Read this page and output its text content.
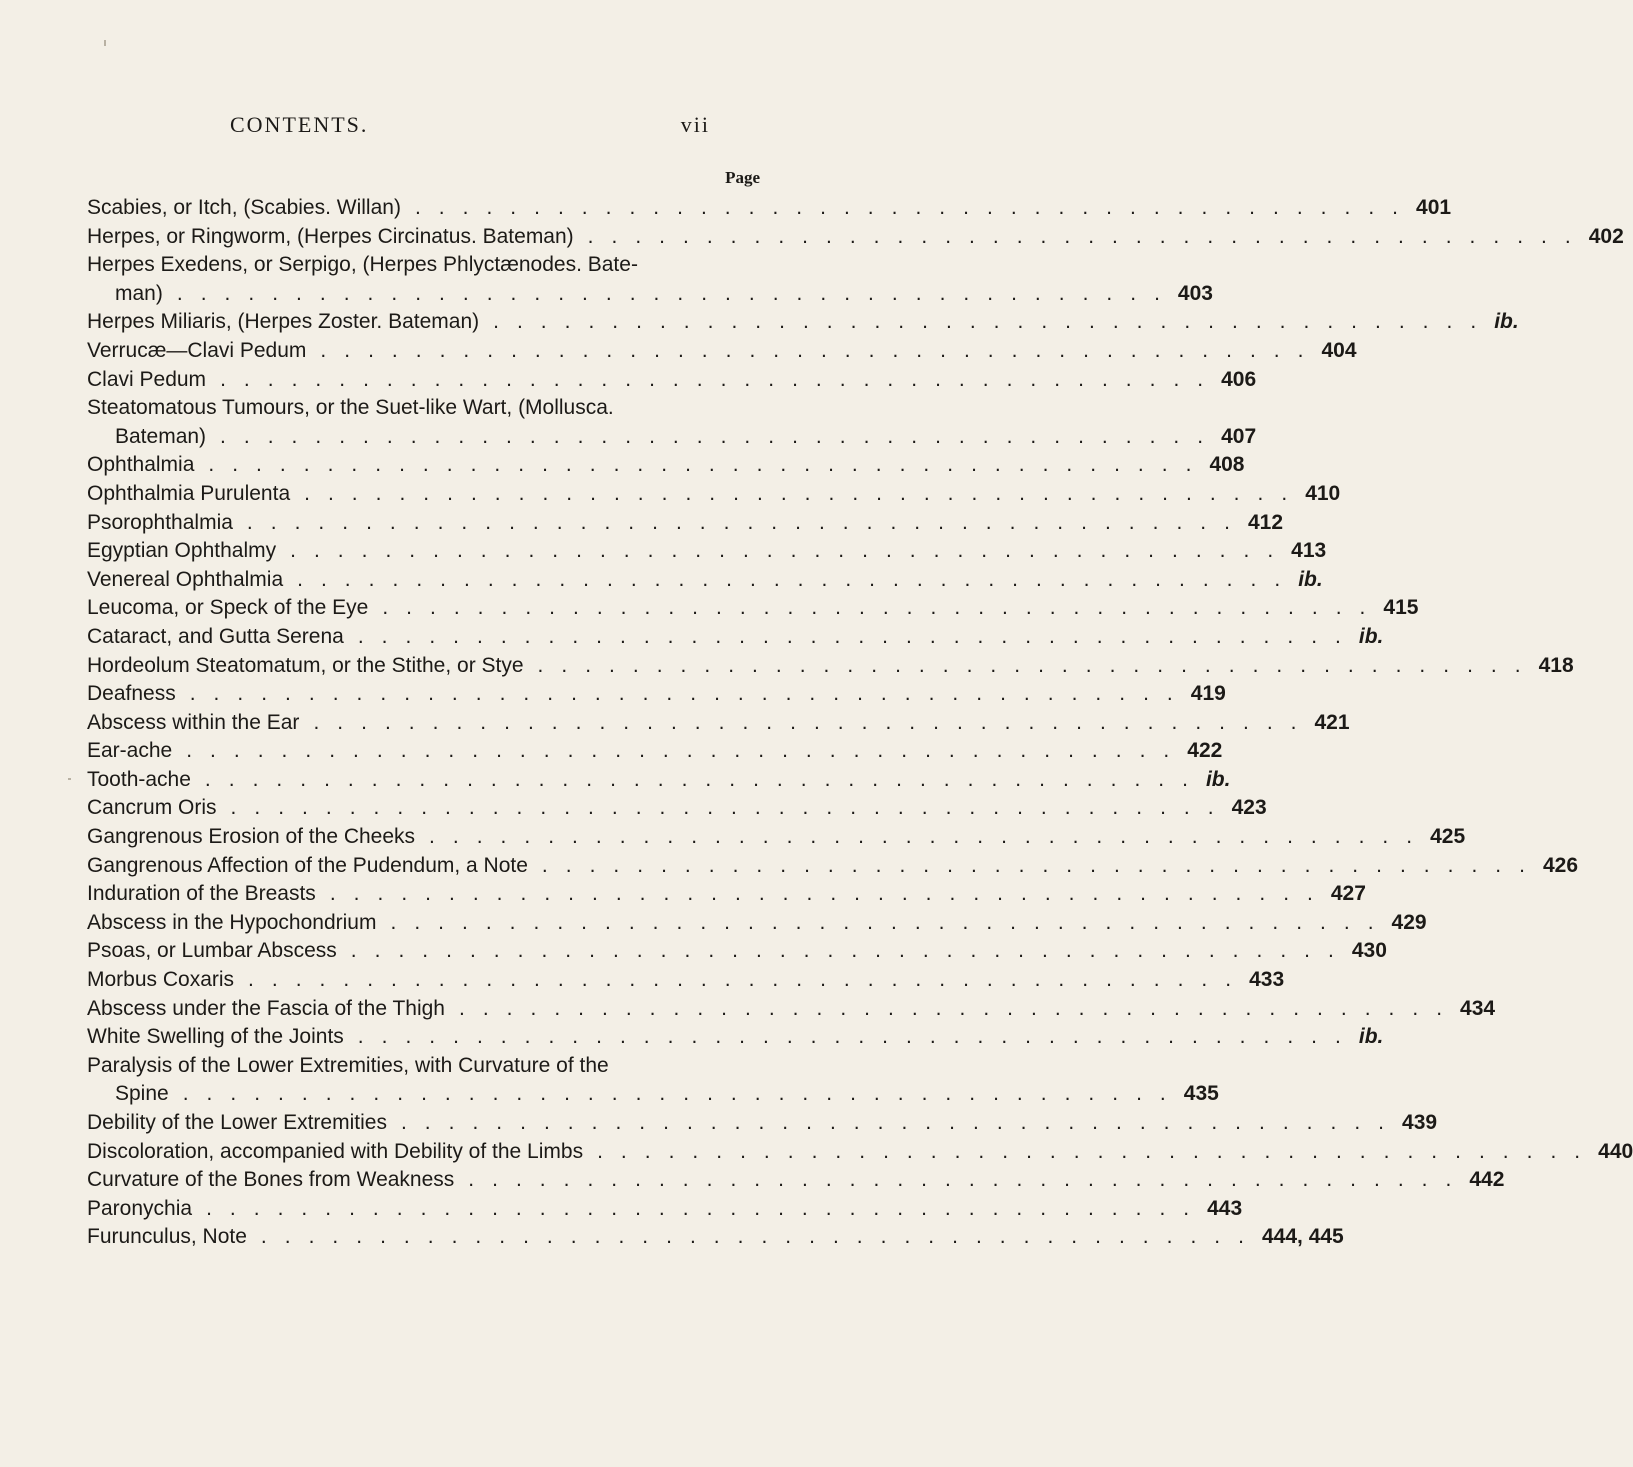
CONTENTS.	vii
Page
Scabies, or Itch, (Scabies. Willan) .......................................... 401
Herpes, or Ringworm, (Herpes Circinatus. Bateman) .......................................... 402
Herpes Exedens, or Serpigo, (Herpes Phlyctænodes. Bate-
man) .......................................... 403
Herpes Miliaris, (Herpes Zoster. Bateman) .......................................... ib.
Verrucæ—Clavi Pedum .......................................... 404
Clavi Pedum .......................................... 406
Steatomatous Tumours, or the Suet-like Wart, (Mollusca.
Bateman) .......................................... 407
Ophthalmia .......................................... 408
Ophthalmia Purulenta .......................................... 410
Psorophthalmia .......................................... 412
Egyptian Ophthalmy .......................................... 413
Venereal Ophthalmia .......................................... ib.
Leucoma, or Speck of the Eye .......................................... 415
Cataract, and Gutta Serena .......................................... ib.
Hordeolum Steatomatum, or the Stithe, or Stye .......................................... 418
Deafness .......................................... 419
Abscess within the Ear .......................................... 421
Ear-ache .......................................... 422
Tooth-ache .......................................... ib.
Cancrum Oris .......................................... 423
Gangrenous Erosion of the Cheeks .......................................... 425
Gangrenous Affection of the Pudendum, a Note .......................................... 426
Induration of the Breasts .......................................... 427
Abscess in the Hypochondrium .......................................... 429
Psoas, or Lumbar Abscess .......................................... 430
Morbus Coxaris .......................................... 433
Abscess under the Fascia of the Thigh .......................................... 434
White Swelling of the Joints .......................................... ib.
Paralysis of the Lower Extremities, with Curvature of the
Spine .......................................... 435
Debility of the Lower Extremities .......................................... 439
Discoloration, accompanied with Debility of the Limbs .......................................... 440
Curvature of the Bones from Weakness .......................................... 442
Paronychia .......................................... 443
Furunculus, Note .......................................... 444, 445
